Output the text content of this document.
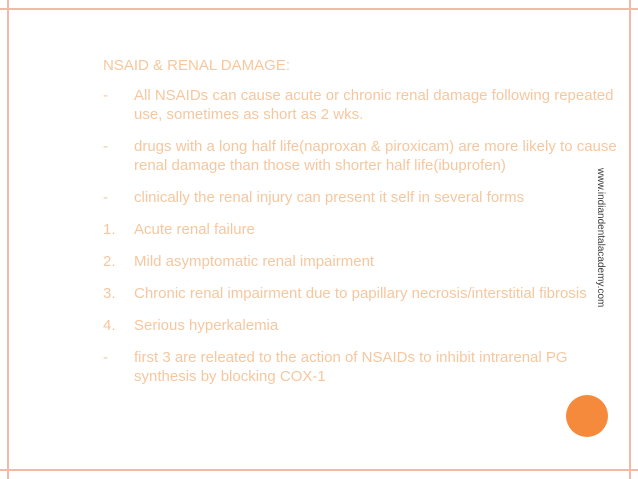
NSAID & RENAL DAMAGE:
-	All NSAIDs can cause acute or chronic renal damage following repeated use, sometimes as short as 2 wks.
-	drugs with a long half life(naproxan & piroxicam) are more likely to cause renal damage than those with shorter half life(ibuprofen)
-	clinically the renal injury can present it self in several forms
1.	Acute renal failure
2.	Mild asymptomatic renal impairment
3.	Chronic renal impairment due to papillary necrosis/interstitial fibrosis
4.	Serious hyperkalemia
-	first 3 are releated to the action of NSAIDs to inhibit intrarenal PG synthesis by blocking COX-1
www.indiandentalacademy.com
